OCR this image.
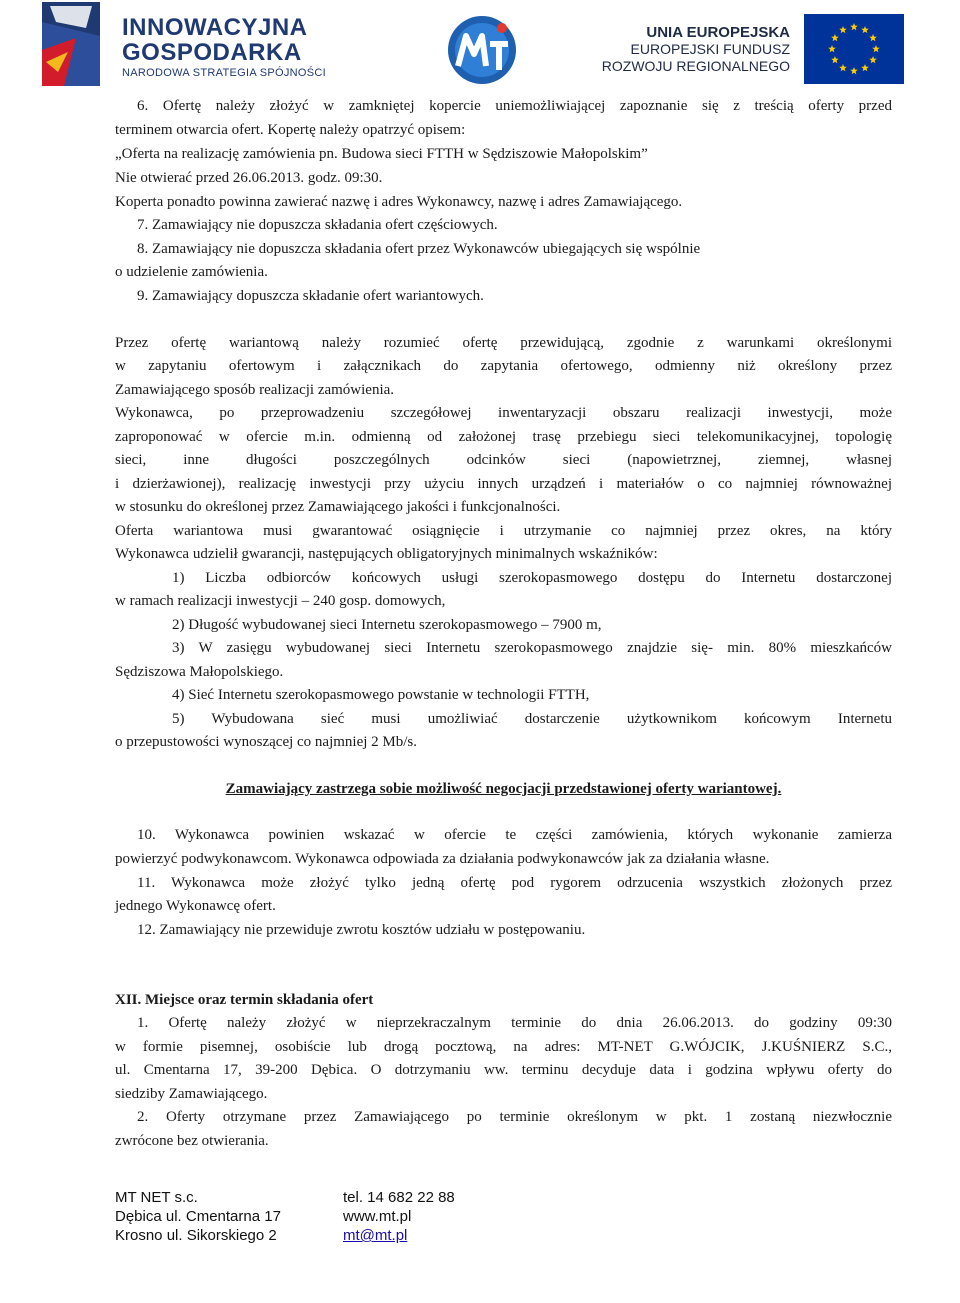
INNOWACYJNA
GOSPODARKA
NARODOWA STRATEGIA SPÓJNOŚCI
UNIA EUROPEJSKA
EUROPEJSKI FUNDUSZ
ROZWOJU REGIONALNEGO
6. Ofertę należy złożyć w zamkniętej kopercie uniemożliwiającej zapoznanie się z treścią oferty przed
terminem otwarcia ofert. Kopertę należy opatrzyć opisem:
„Oferta na realizację zamówienia pn. Budowa sieci FTTH w Sędziszowie Małopolskim”
Nie otwierać przed 26.06.2013. godz. 09:30.
Koperta ponadto powinna zawierać nazwę i adres Wykonawcy, nazwę i adres Zamawiającego.
7. Zamawiający nie dopuszcza składania ofert częściowych.
8. Zamawiający nie dopuszcza składania ofert przez Wykonawców ubiegających się wspólnie
o udzielenie zamówienia.
9. Zamawiający dopuszcza składanie ofert wariantowych.
Przez ofertę wariantową należy rozumieć ofertę przewidującą, zgodnie z warunkami określonymi
w zapytaniu ofertowym i załącznikach do zapytania ofertowego, odmienny niż określony przez
Zamawiającego sposób realizacji zamówienia.
Wykonawca, po przeprowadzeniu szczegółowej inwentaryzacji obszaru realizacji inwestycji, może
zaproponować w ofercie m.in. odmienną od założonej trasę przebiegu sieci telekomunikacyjnej, topologię
sieci, inne długości poszczególnych odcinków sieci (napowietrznej, ziemnej, własnej
i dzierżawionej), realizację inwestycji przy użyciu innych urządzeń i materiałów o co najmniej równoważnej
w stosunku do określonej przez Zamawiającego jakości i funkcjonalności.
Oferta wariantowa musi gwarantować osiągnięcie i utrzymanie co najmniej przez okres, na który
Wykonawca udzielił gwarancji, następujących obligatoryjnych minimalnych wskaźników:
1) Liczba odbiorców końcowych usługi szerokopasmowego dostępu do Internetu dostarczonej
w ramach realizacji inwestycji – 240 gosp. domowych,
2) Długość wybudowanej sieci Internetu szerokopasmowego – 7900 m,
3) W zasięgu wybudowanej sieci Internetu szerokopasmowego znajdzie się- min. 80% mieszkańców
Sędziszowa Małopolskiego.
4) Sieć Internetu szerokopasmowego powstanie w technologii FTTH,
5) Wybudowana sieć musi umożliwiać dostarczenie użytkownikom końcowym Internetu
o przepustowości wynoszącej co najmniej 2 Mb/s.
Zamawiający zastrzega sobie możliwość negocjacji przedstawionej oferty wariantowej.
10. Wykonawca powinien wskazać w ofercie te części zamówienia, których wykonanie zamierza
powierzyć podwykonawcom. Wykonawca odpowiada za działania podwykonawców jak za działania własne.
11. Wykonawca może złożyć tylko jedną ofertę pod rygorem odrzucenia wszystkich złożonych przez
jednego Wykonawcę ofert.
12. Zamawiający nie przewiduje zwrotu kosztów udziału w postępowaniu.
XII. Miejsce oraz termin składania ofert
1. Ofertę należy złożyć w nieprzekraczalnym terminie do dnia 26.06.2013. do godziny 09:30
w formie pisemnej, osobiście lub drogą pocztową, na adres: MT-NET G.WÓJCIK, J.KUŚNIERZ S.C.,
ul. Cmentarna 17, 39-200 Dębica. O dotrzymaniu ww. terminu decyduje data i godzina wpływu oferty do
siedziby Zamawiającego.
2. Oferty otrzymane przez Zamawiającego po terminie określonym w pkt. 1 zostaną niezwłocznie
zwrócone bez otwierania.
MT NET s.c.
Dębica ul. Cmentarna 17
Krosno ul. Sikorskiego 2
tel. 14 682 22 88
www.mt.pl
mt@mt.pl
